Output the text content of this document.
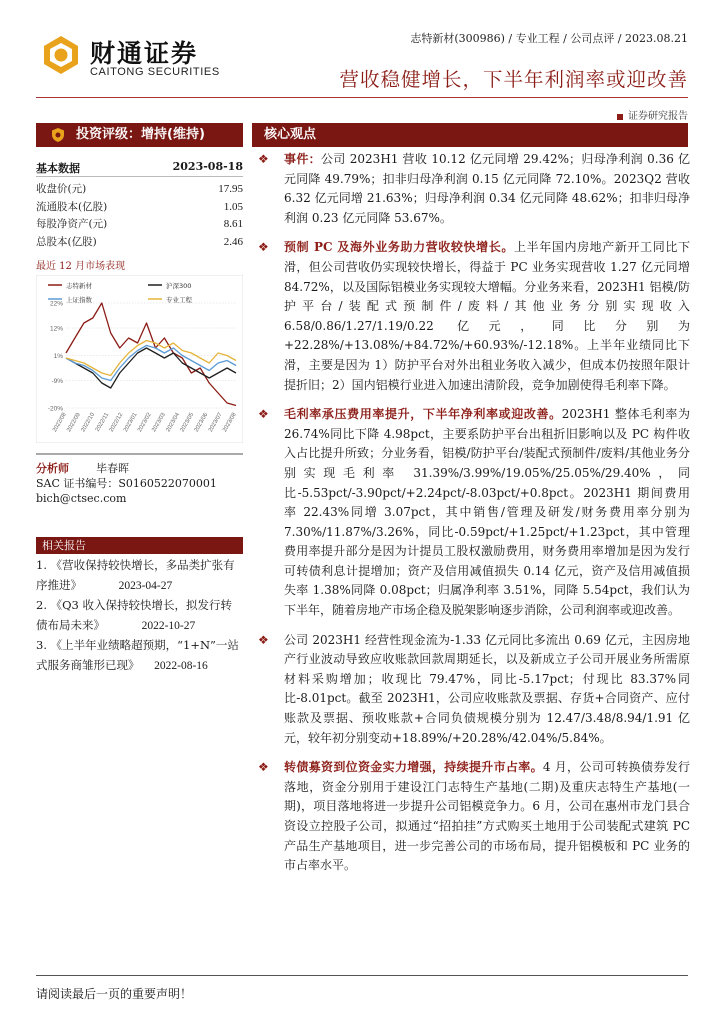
财通证券
CAITONG SECURITIES
志特新材(300986) / 专业工程 / 公司点评 / 2023.08.21
营收稳健增长，下半年利润率或迎改善
证券研究报告
投资评级：增持(维持)	核心观点
基本数据	2023-08-18
收盘价(元)	17.95
流通股本(亿股)	1.05
每股净资产(元)	8.61
总股本(亿股)	2.46
最近 12 月市场表现
志特新材	沪深300
上证指数	专业工程
22%
12%
1%
-9%
-20%
2022/08
2022/09
2022/10
2022/11
2022/12
2023/01
2023/02
2023/03
2023/04
2023/05
2023/06
2023/07
2023/08
分析师 毕春晖
SAC 证书编号：S0160522070001
bich@ctsec.com
相关报告
1. 《营收保持较快增长，多品类扩张有序推进》	2023-04-27
2. 《Q3 收入保持较快增长，拟发行转债布局未来》	2022-10-27
3. 《上半年业绩略超预期，“1+N”一站式服务商雏形已现》 2022-08-16
❖ 事件：公司 2023H1 营收 10.12 亿元同增 29.42%；归母净利润 0.36 亿元同降 49.79%；扣非归母净利润 0.15 亿元同降 72.10%。2023Q2 营收 6.32 亿元同增 21.63%；归母净利润 0.34 亿元同降 48.62%；扣非归母净利润 0.23 亿元同降 53.67%。
❖ 预制 PC 及海外业务助力营收较快增长。上半年国内房地产新开工同比下滑，但公司营收仍实现较快增长，得益于 PC 业务实现营收 1.27 亿元同增 84.72%，以及国际铝模业务实现较大增幅。分业务来看，2023H1 铝模/防护平台/装配式预制件/废料/其他业务分别实现收入 6.58/0.86/1.27/1.19/0.22 亿元，同比分别为+22.28%/+13.08%/+84.72%/+60.93%/-12.18%。上半年业绩同比下滑，主要是因为 1）防护平台对外出租业务收入减少，但成本仍按照年限计提折旧；2）国内铝模行业进入加速出清阶段，竞争加剧使得毛利率下降。
❖ 毛利率承压费用率提升，下半年净利率或迎改善。2023H1 整体毛利率为 26.74%同比下降 4.98pct，主要系防护平台出租折旧影响以及 PC 构件收入占比提升所致；分业务看，铝模/防护平台/装配式预制件/废料/其他业务分别实现毛利率 31.39%/3.99%/19.05%/25.05%/29.40%，同比-5.53pct/-3.90pct/+2.24pct/-8.03pct/+0.8pct。2023H1 期间费用率 22.43%同增 3.07pct，其中销售/管理及研发/财务费用率分别为 7.30%/11.87%/3.26%，同比-0.59pct/+1.25pct/+1.23pct，其中管理费用率提升部分是因为计提员工股权激励费用，财务费用率增加是因为发行可转债利息计提增加；资产及信用减值损失 0.14 亿元，资产及信用减值损失率 1.38%同降 0.08pct；归属净利率 3.51%，同降 5.54pct，我们认为下半年，随着房地产市场企稳及脱架影响逐步消除，公司利润率或迎改善。
❖ 公司 2023H1 经营性现金流为-1.33 亿元同比多流出 0.69 亿元，主因房地产行业波动导致应收账款回款周期延长，以及新成立子公司开展业务所需原材料采购增加；收现比 79.47%，同比-5.17pct；付现比 83.37%同比-8.01pct。截至 2023H1，公司应收账款及票据、存货+合同资产、应付账款及票据、预收账款+合同负债规模分别为 12.47/3.48/8.94/1.91 亿元，较年初分别变动+18.89%/+20.28%/42.04%/5.84%。
❖ 转债募资到位资金实力增强，持续提升市占率。4 月，公司可转换债券发行落地，资金分别用于建设江门志特生产基地(二期)及重庆志特生产基地(一期)，项目落地将进一步提升公司铝模竞争力。6 月，公司在惠州市龙门县合资设立控股子公司，拟通过“招拍挂”方式购买土地用于公司装配式建筑 PC 产品生产基地项目，进一步完善公司的市场布局，提升铝模板和 PC 业务的市占率水平。
请阅读最后一页的重要声明！
